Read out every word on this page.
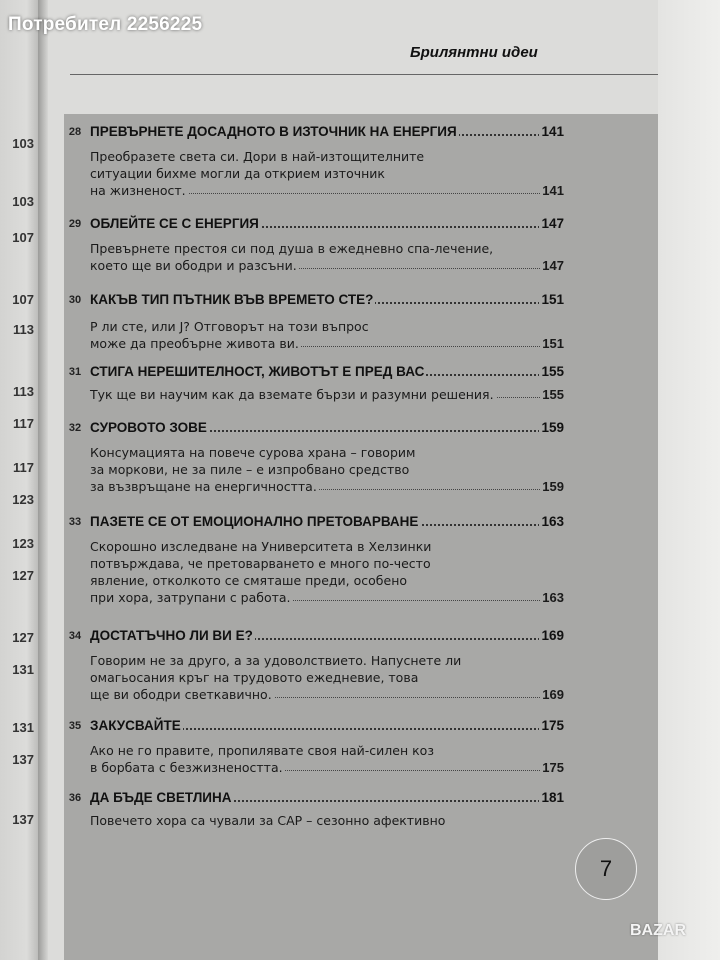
103
103
107
107
113
113
117
117
123
123
127
127
131
131
137
137
Потребител 2256225
Брилянтни идеи
28 ПРЕВЪРНЕТЕ ДОСАДНОТО В ИЗТОЧНИК НА ЕНЕРГИЯ	141
Преобразете света си. Дори в най-изтощителните
ситуации бихме могли да открием източник
на жизненост.	141
29 ОБЛЕЙТЕ СЕ С ЕНЕРГИЯ	147
Превърнете престоя си под душа в ежедневно спа-лечение,
което ще ви ободри и разсъни.	147
30 КАКЪВ ТИП ПЪТНИК ВЪВ ВРЕМЕТО СТЕ?	151
Р ли сте, или J? Отговорът на този въпрос
може да преобърне живота ви.	151
31 СТИГА НЕРЕШИТЕЛНОСТ, ЖИВОТЪТ Е ПРЕД ВАС	155
Тук ще ви научим как да вземате бързи и разумни решения.	155
32 СУРОВОТО ЗОВЕ	159
Консумацията на повече сурова храна – говорим
за моркови, не за пиле – е изпробвано средство
за възвръщане на енергичността.	159
33 ПАЗЕТЕ СЕ ОТ ЕМОЦИОНАЛНО ПРЕТОВАРВАНЕ	163
Скорошно изследване на Университета в Хелзинки
потвърждава, че претоварването е много по-често
явление, отколкото се смяташе преди, особено
при хора, затрупани с работа.	163
34 ДОСТАТЪЧНО ЛИ ВИ Е?	169
Говорим не за друго, а за удоволствието. Напуснете ли
омагьосания кръг на трудовото ежедневие, това
ще ви ободри светкавично.	169
35 ЗАКУСВАЙТЕ	175
Ако не го правите, пропилявате своя най-силен коз
в борбата с безжизнеността.	175
36 ДА БЪДЕ СВЕТЛИНА	181
Повечето хора са чували за САР – сезонно афективно
7
BAZAR
